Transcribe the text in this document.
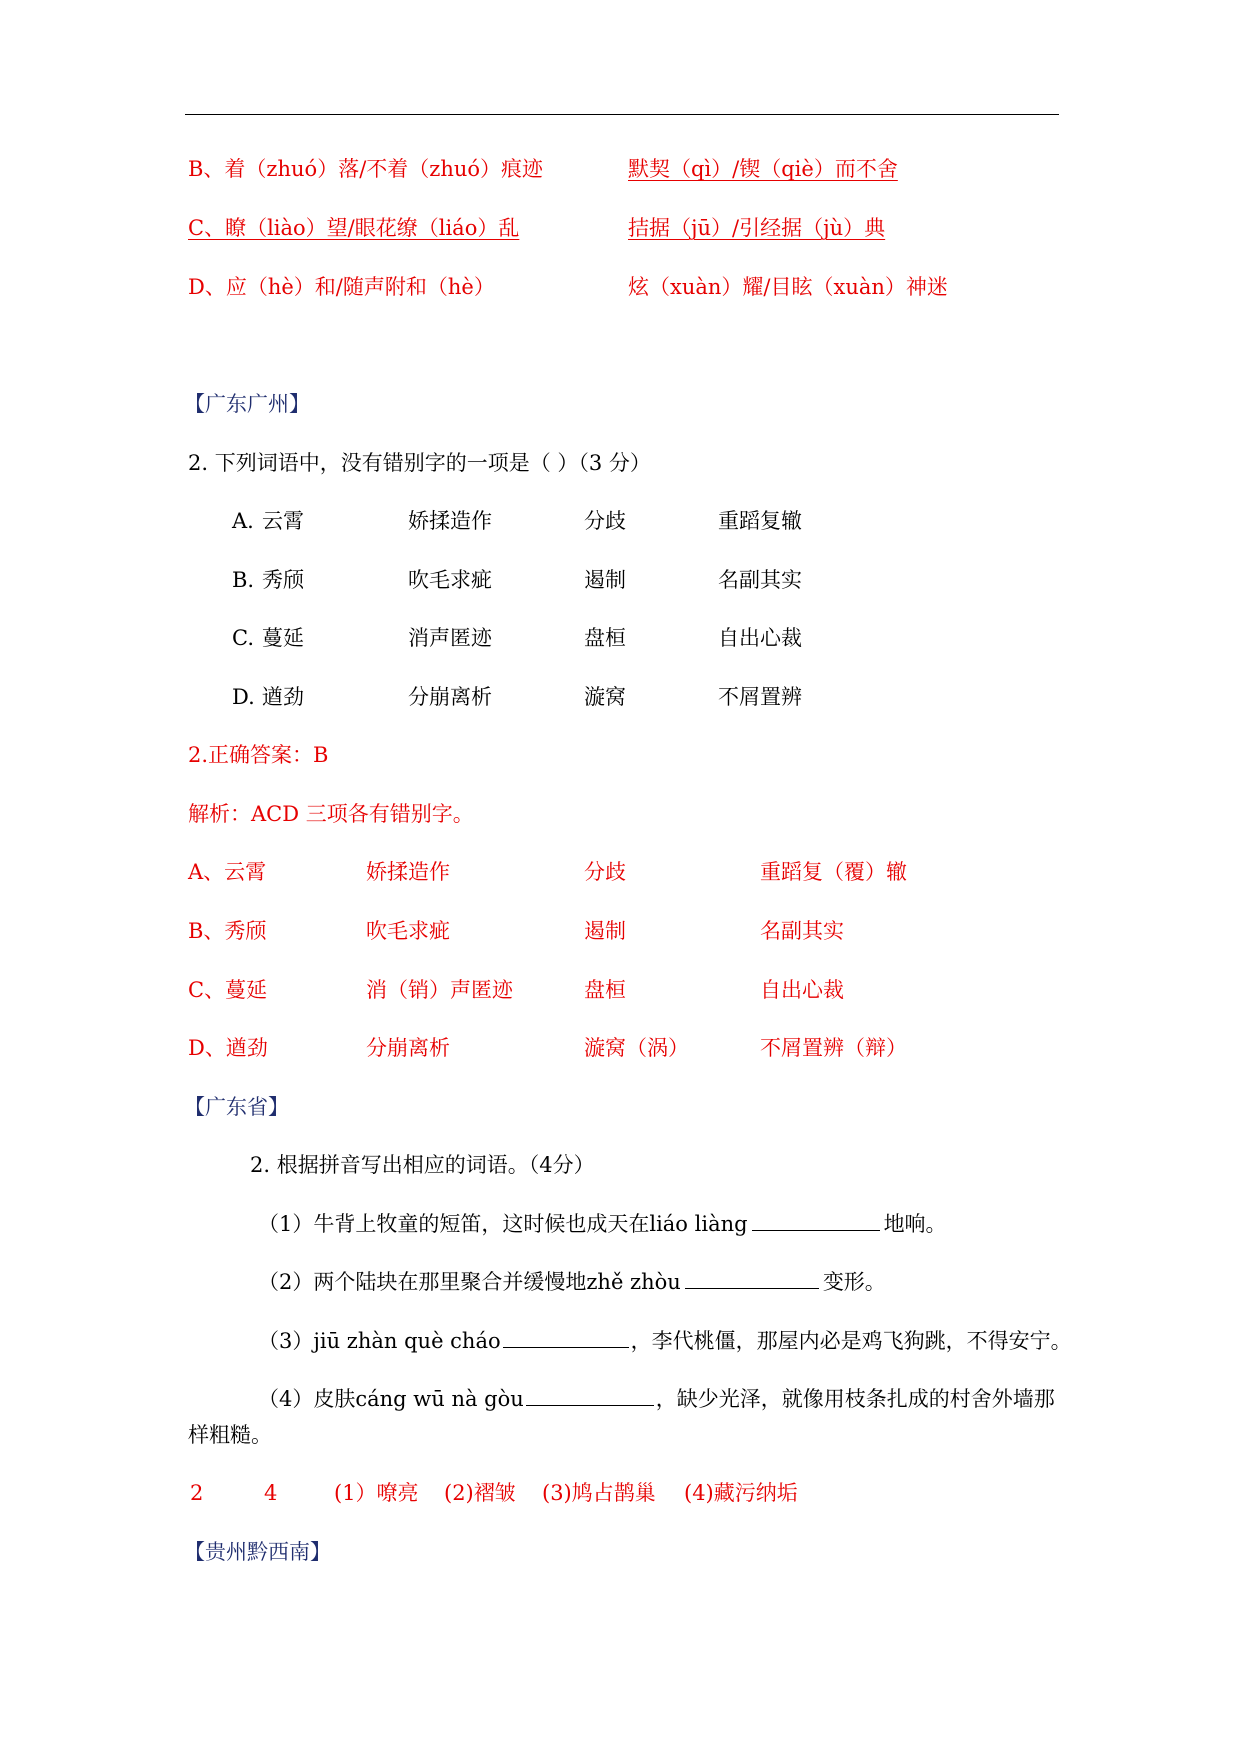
B、着（zhuó）落/不着（zhuó）痕迹	默契（qì）/锲（qiè）而不舍
C、瞭（liào）望/眼花缭（liáo）乱	拮据（jū）/引经据（jù）典
D、应（hè）和/随声附和（hè）	炫（xuàn）耀/目眩（xuàn）神迷
【广东广州】
2. 下列词语中，没有错别字的一项是（ ）（3 分）
A. 云霄	娇揉造作	分歧	重蹈复辙
B. 秀颀	吹毛求疵	遏制	名副其实
C. 蔓延	消声匿迹	盘桓	自出心裁
D. 遒劲	分崩离析	漩窝	不屑置辨
2.正确答案：B
解析：ACD 三项各有错别字。
A、云霄	娇揉造作	分歧	重蹈复（覆）辙
B、秀颀	吹毛求疵	遏制	名副其实
C、蔓延	消（销）声匿迹	盘桓	自出心裁
D、遒劲	分崩离析	漩窝（涡）	不屑置辨（辩）
【广东省】
2. 根据拼音写出相应的词语。（4分）
（1）牛背上牧童的短笛，这时候也成天在liáo liàng	地响。
（2）两个陆块在那里聚合并缓慢地zhě zhòu	变形。
（3）jiū zhàn què cháo	，李代桃僵，那屋内必是鸡飞狗跳，不得安宁。
（4）皮肤cáng wū nà gòu	，缺少光泽，就像用枝条扎成的村舍外墙那
样粗糙。
2	4	(1）嘹亮 (2)褶皱 (3)鸠占鹊巢 (4)藏污纳垢
【贵州黔西南】
